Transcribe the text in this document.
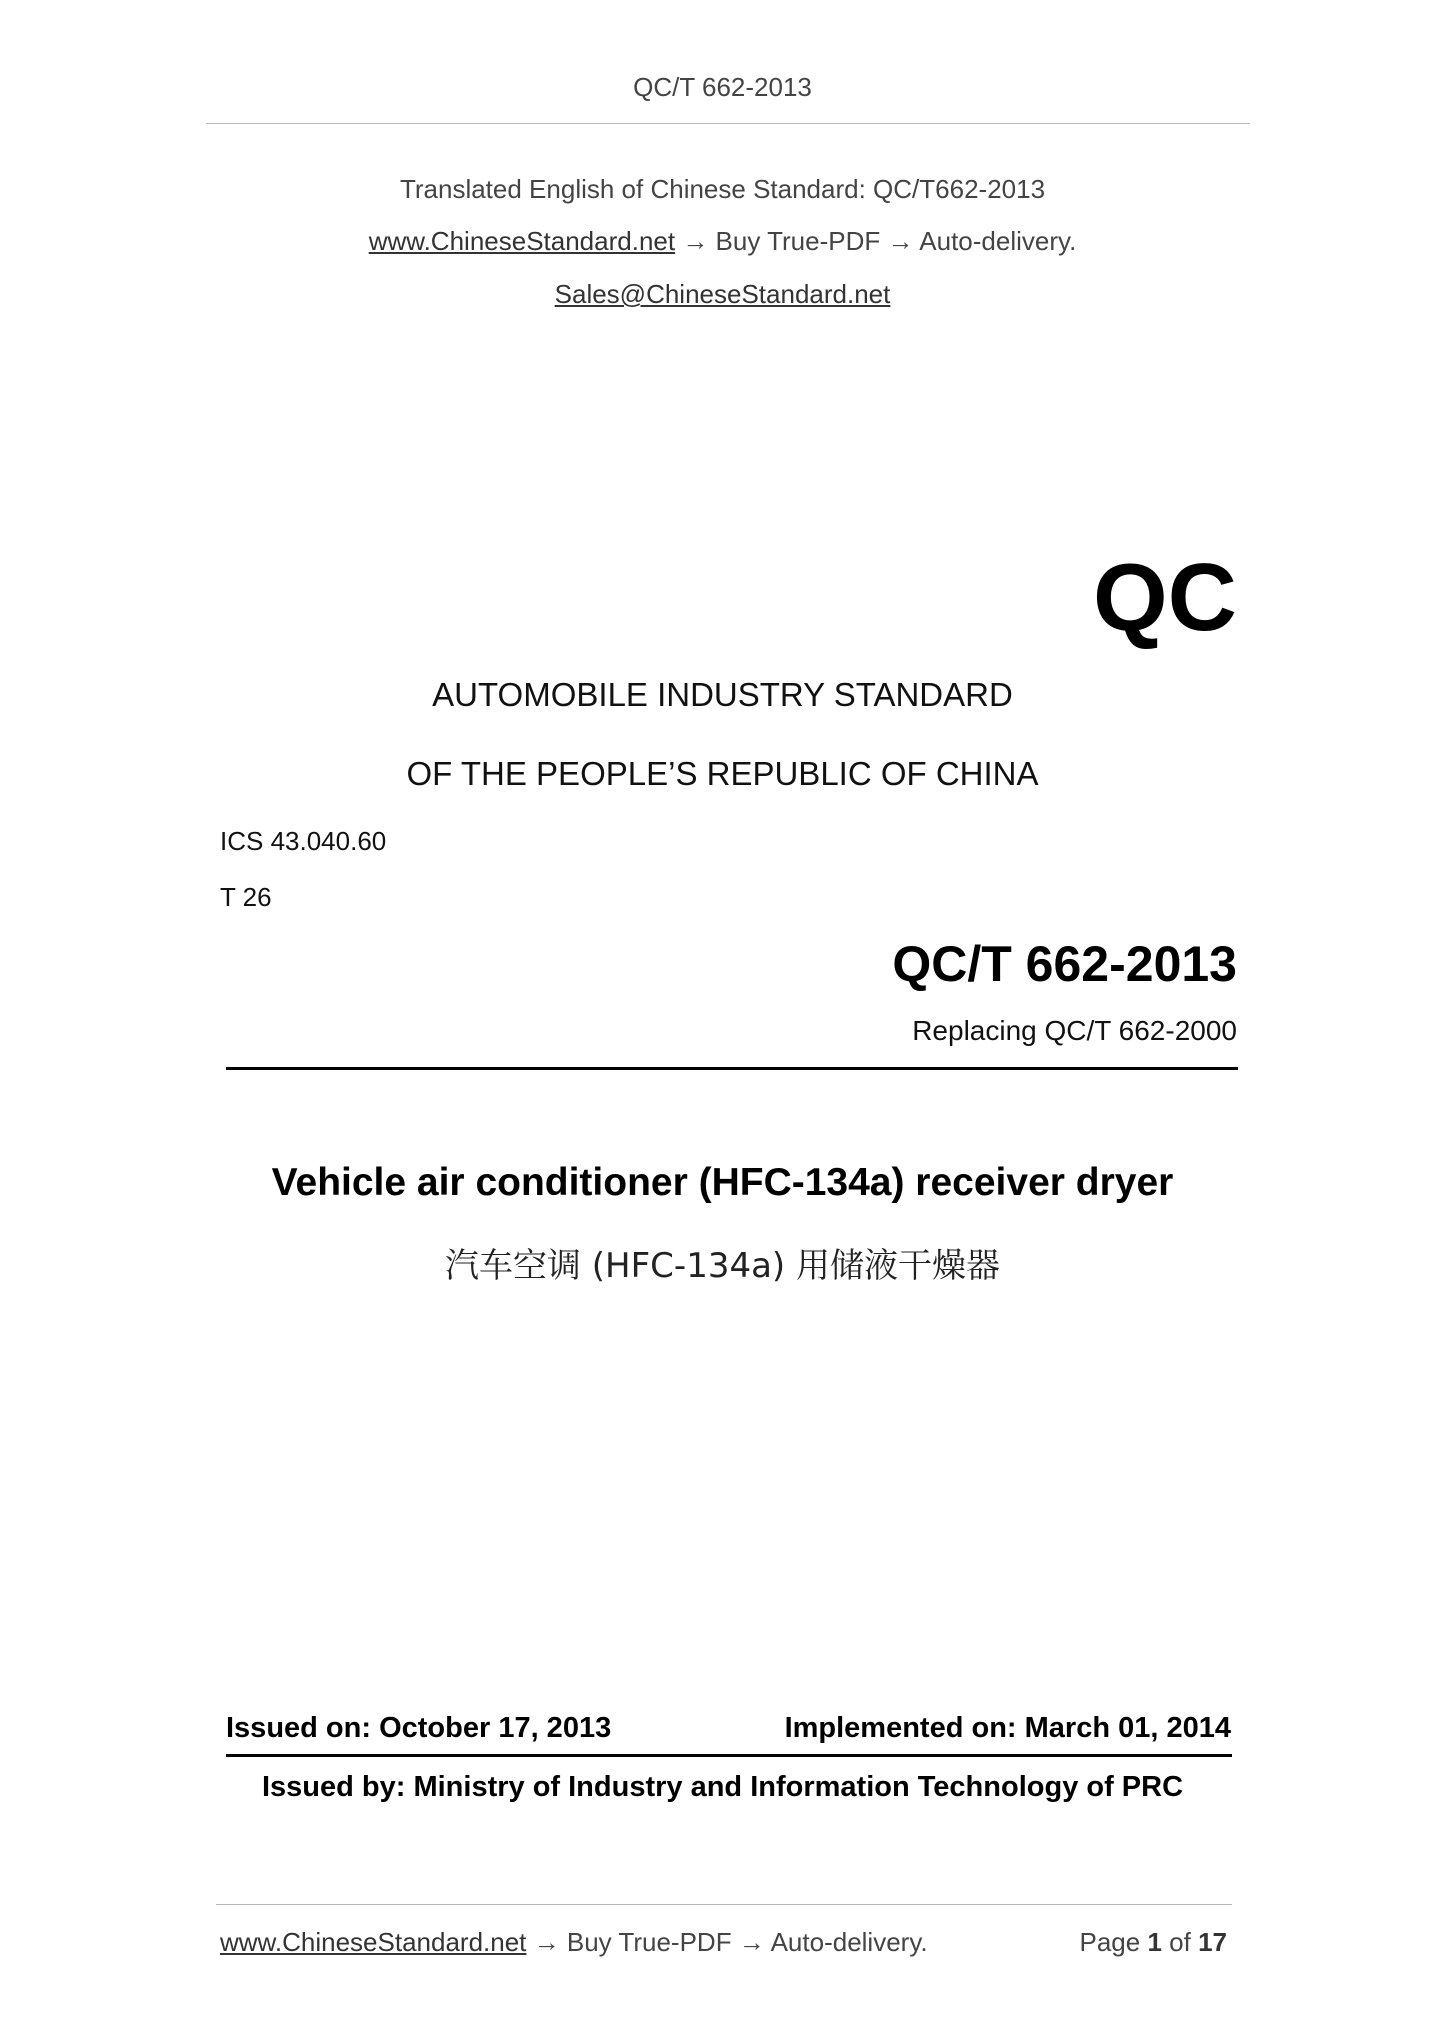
QC/T 662-2013
Translated English of Chinese Standard: QC/T662-2013
www.ChineseStandard.net → Buy True-PDF → Auto-delivery.
Sales@ChineseStandard.net
QC
AUTOMOBILE INDUSTRY STANDARD
OF THE PEOPLE’S REPUBLIC OF CHINA
ICS 43.040.60
T 26
QC/T 662-2013
Replacing QC/T 662-2000
Vehicle air conditioner (HFC-134a) receiver dryer
汽车空调 (HFC-134a) 用储液干燥器
Issued on: October 17, 2013	Implemented on: March 01, 2014
Issued by: Ministry of Industry and Information Technology of PRC
www.ChineseStandard.net → Buy True-PDF → Auto-delivery.	Page 1 of 17
